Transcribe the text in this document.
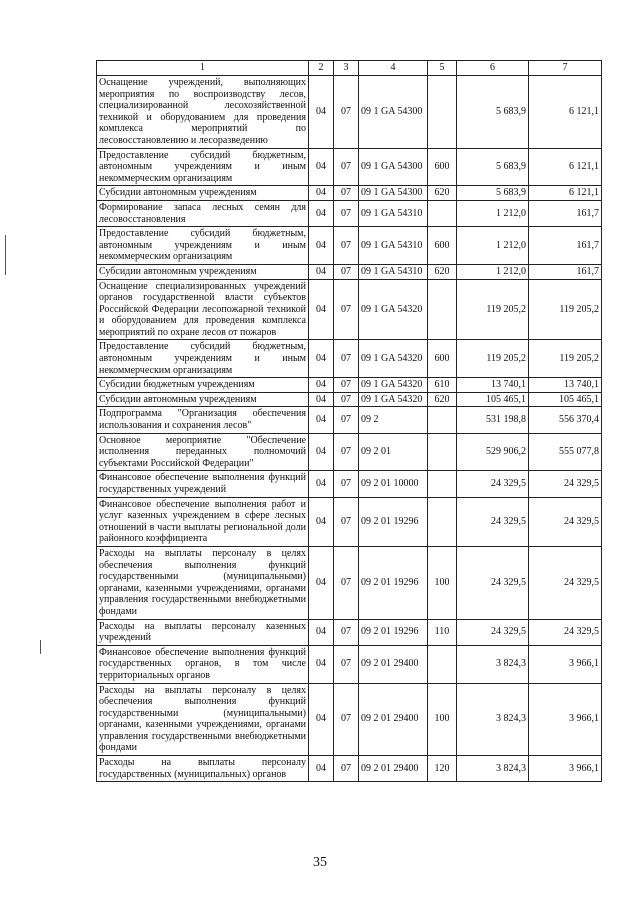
1	2	3	4	5	6	7
Оснащение учреждений, выполняющих мероприятия по воспроизводству лесов, специализированной лесохозяйственной техникой и оборудованием для проведения комплекса мероприятий по лесовосстановлению и лесоразведению	04	07	09 1 GA 54300		5 683,9	6 121,1
Предоставление субсидий бюджетным, автономным учреждениям и иным некоммерческим организациям	04	07	09 1 GA 54300	600	5 683,9	6 121,1
Субсидии автономным учреждениям	04	07	09 1 GA 54300	620	5 683,9	6 121,1
Формирование запаса лесных семян для лесовосстановления	04	07	09 1 GA 54310		1 212,0	161,7
Предоставление субсидий бюджетным, автономным учреждениям и иным некоммерческим организациям	04	07	09 1 GA 54310	600	1 212,0	161,7
Субсидии автономным учреждениям	04	07	09 1 GA 54310	620	1 212,0	161,7
Оснащение специализированных учреждений органов государственной власти субъектов Российской Федерации лесопожарной техникой и оборудованием для проведения комплекса мероприятий по охране лесов от пожаров	04	07	09 1 GA 54320		119 205,2	119 205,2
Предоставление субсидий бюджетным, автономным учреждениям и иным некоммерческим организациям	04	07	09 1 GA 54320	600	119 205,2	119 205,2
Субсидии бюджетным учреждениям	04	07	09 1 GA 54320	610	13 740,1	13 740,1
Субсидии автономным учреждениям	04	07	09 1 GA 54320	620	105 465,1	105 465,1
Подпрограмма "Организация обеспечения использования и сохранения лесов"	04	07	09 2		531 198,8	556 370,4
Основное мероприятие "Обеспечение исполнения переданных полномочий субъектами Российской Федерации"	04	07	09 2 01		529 906,2	555 077,8
Финансовое обеспечение выполнения функций государственных учреждений	04	07	09 2 01 10000		24 329,5	24 329,5
Финансовое обеспечение выполнения работ и услуг казенных учреждением в сфере лесных отношений в части выплаты региональной доли районного коэффициента	04	07	09 2 01 19296		24 329,5	24 329,5
Расходы на выплаты персоналу в целях обеспечения выполнения функций государственными (муниципальными) органами, казенными учреждениями, органами управления государственными внебюджетными фондами	04	07	09 2 01 19296	100	24 329,5	24 329,5
Расходы на выплаты персоналу казенных учреждений	04	07	09 2 01 19296	110	24 329,5	24 329,5
Финансовое обеспечение выполнения функций государственных органов, в том числе территориальных органов	04	07	09 2 01 29400		3 824,3	3 966,1
Расходы на выплаты персоналу в целях обеспечения выполнения функций государственными (муниципальными) органами, казенными учреждениями, органами управления государственными внебюджетными фондами	04	07	09 2 01 29400	100	3 824,3	3 966,1
Расходы на выплаты персоналу государственных (муниципальных) органов	04	07	09 2 01 29400	120	3 824,3	3 966,1
35
